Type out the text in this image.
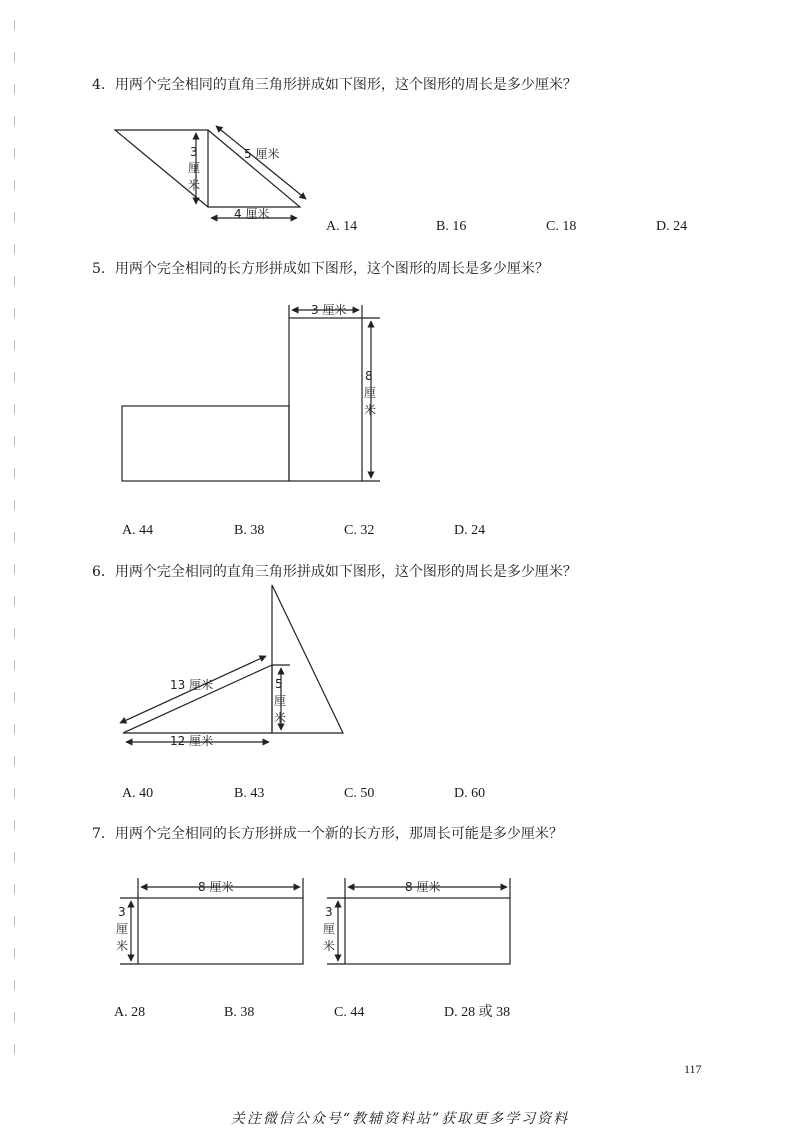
4．用两个完全相同的直角三角形拼成如下图形，这个图形的周长是多少厘米？
A. 14	B. 16	C. 18	D. 24
5．用两个完全相同的长方形拼成如下图形，这个图形的周长是多少厘米？
A. 44	B. 38	C. 32	D. 24
6．用两个完全相同的直角三角形拼成如下图形，这个图形的周长是多少厘米？
A. 40	B. 43	C. 50	D. 60
7．用两个完全相同的长方形拼成一个新的长方形，那周长可能是多少厘米？
A. 28	B. 38	C. 44	D. 28 或 38
3
厘
米
5 厘米
4 厘米
3 厘米
8
厘
米
13 厘米
12 厘米
5
厘
米
8 厘米
3
厘
米
8 厘米
3
厘
米
117
关注微信公众号“教辅资料站”获取更多学习资料
